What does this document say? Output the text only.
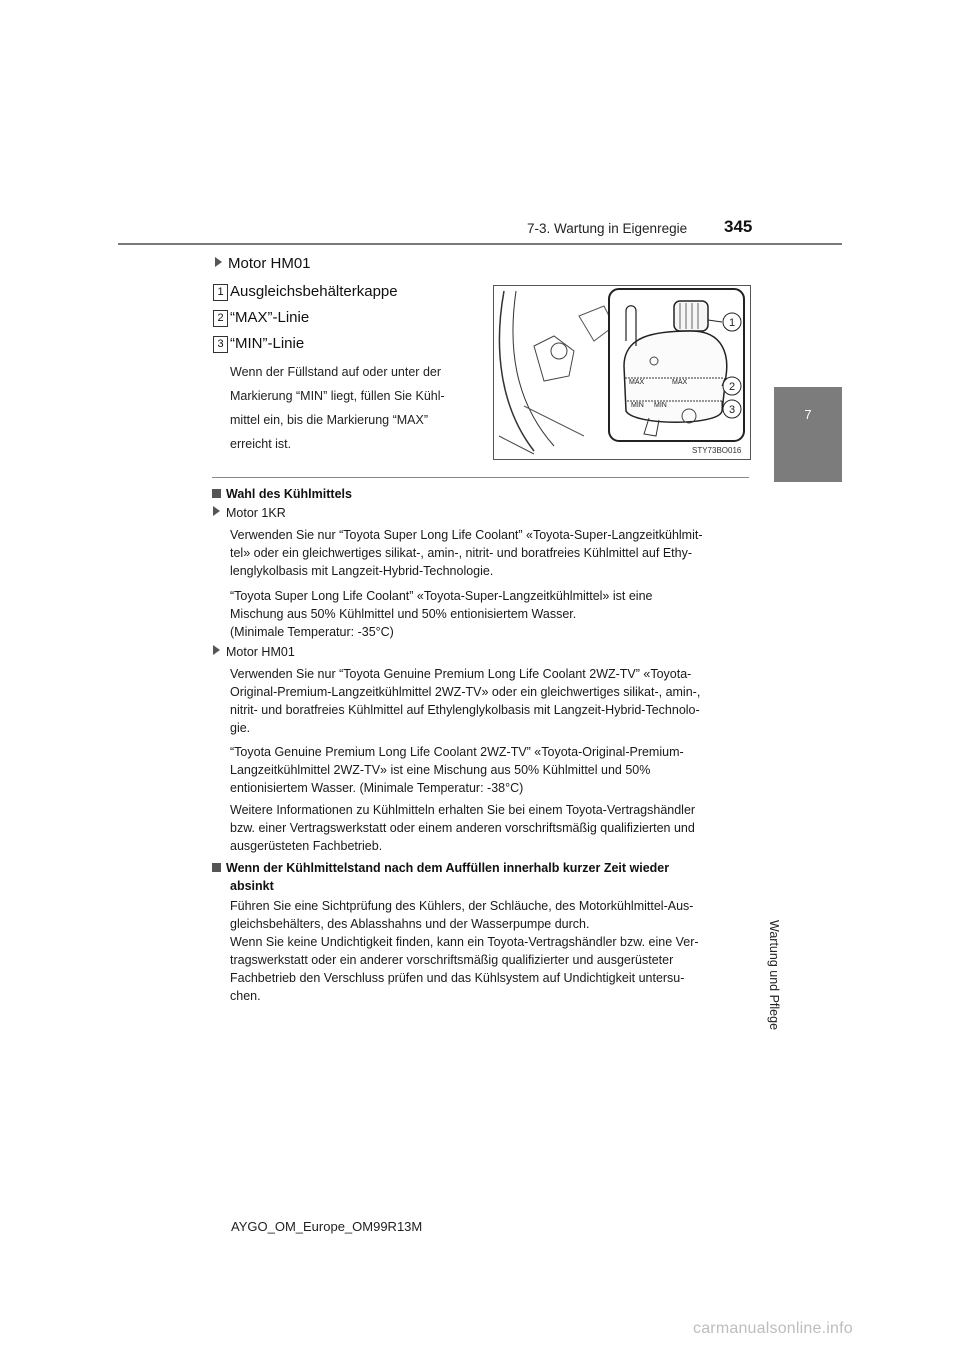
7-3. Wartung in Eigenregie 345
7
Wartung und Pflege
Motor HM01
1 Ausgleichsbehälterkappe
2 “MAX”-Linie
3 “MIN”-Linie
Wenn der Füllstand auf oder unter der
Markierung “MIN” liegt, füllen Sie Kühl-
mittel ein, bis die Markierung “MAX”
erreicht ist.
MAX	MAX
MIN MIN
1
2
3
STY73BO016
Wahl des Kühlmittels
Motor 1KR
Verwenden Sie nur “Toyota Super Long Life Coolant” «Toyota-Super-Langzeitkühlmit-
tel» oder ein gleichwertiges silikat-, amin-, nitrit- und boratfreies Kühlmittel auf Ethy-
lenglykolbasis mit Langzeit-Hybrid-Technologie.
“Toyota Super Long Life Coolant” «Toyota-Super-Langzeitkühlmittel» ist eine
Mischung aus 50% Kühlmittel und 50% entionisiertem Wasser.
(Minimale Temperatur: -35°C)
Motor HM01
Verwenden Sie nur “Toyota Genuine Premium Long Life Coolant 2WZ-TV” «Toyota-
Original-Premium-Langzeitkühlmittel 2WZ-TV» oder ein gleichwertiges silikat-, amin-,
nitrit- und boratfreies Kühlmittel auf Ethylenglykolbasis mit Langzeit-Hybrid-Technolo-
gie.
“Toyota Genuine Premium Long Life Coolant 2WZ-TV” «Toyota-Original-Premium-
Langzeitkühlmittel 2WZ-TV» ist eine Mischung aus 50% Kühlmittel und 50%
entionisiertem Wasser. (Minimale Temperatur: -38°C)
Weitere Informationen zu Kühlmitteln erhalten Sie bei einem Toyota-Vertragshändler
bzw. einer Vertragswerkstatt oder einem anderen vorschriftsmäßig qualifizierten und
ausgerüsteten Fachbetrieb.
Wenn der Kühlmittelstand nach dem Auffüllen innerhalb kurzer Zeit wieder
absinkt
Führen Sie eine Sichtprüfung des Kühlers, der Schläuche, des Motorkühlmittel-Aus-
gleichsbehälters, des Ablasshahns und der Wasserpumpe durch.
Wenn Sie keine Undichtigkeit finden, kann ein Toyota-Vertragshändler bzw. eine Ver-
tragswerkstatt oder ein anderer vorschriftsmäßig qualifizierter und ausgerüsteter
Fachbetrieb den Verschluss prüfen und das Kühlsystem auf Undichtigkeit untersu-
chen.
AYGO_OM_Europe_OM99R13M
carmanualsonline.info
